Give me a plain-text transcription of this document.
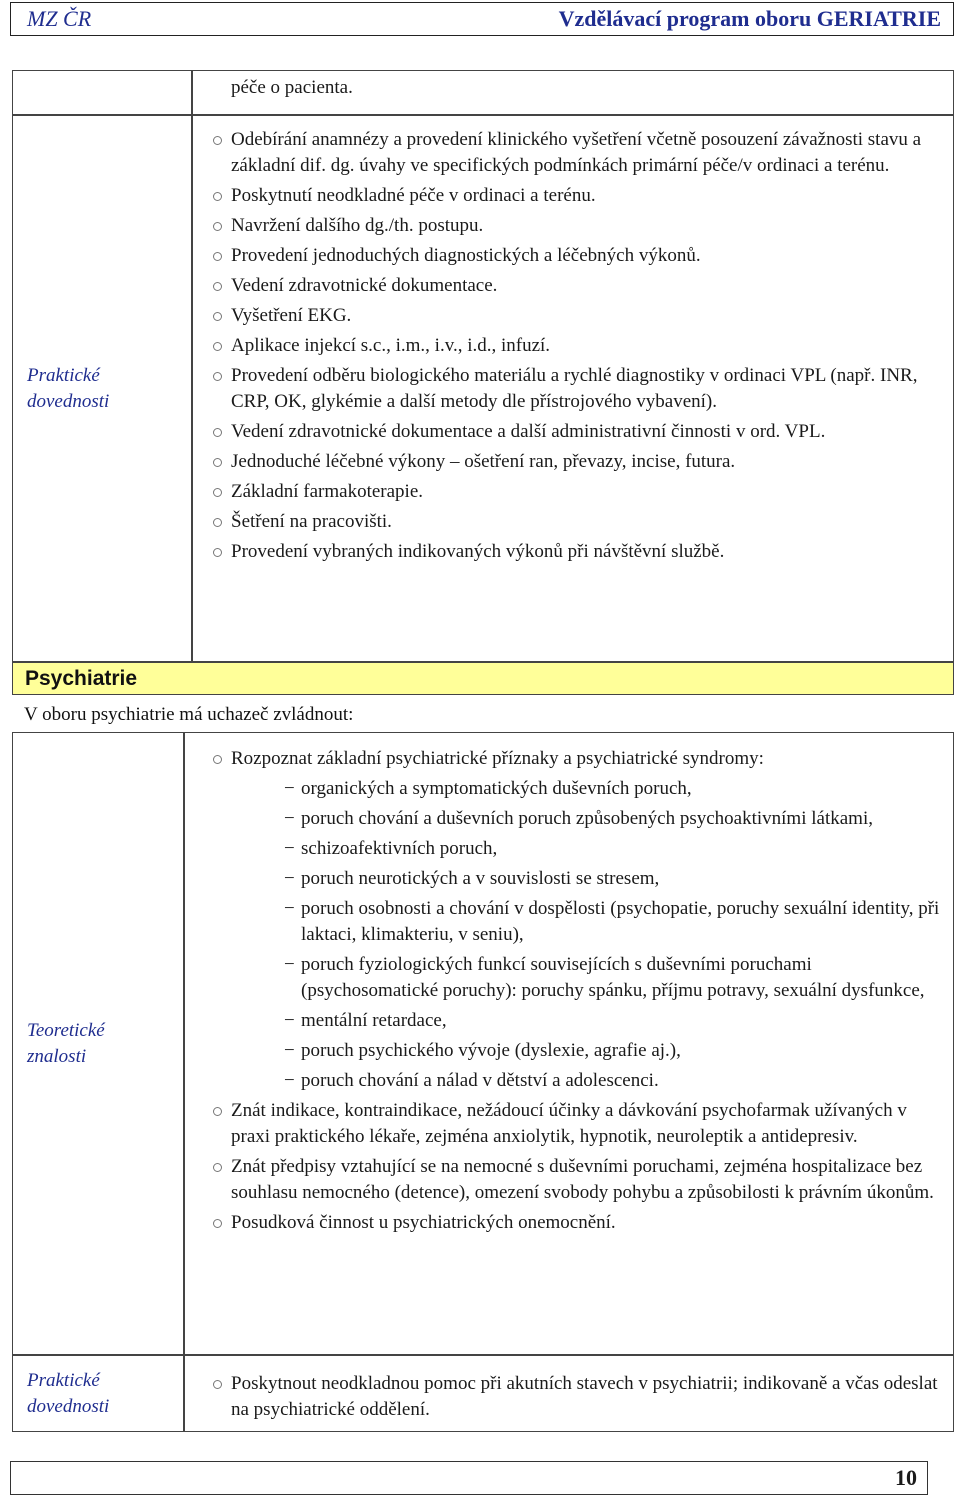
MZ ČR	Vzdělávací program oboru GERIATRIE
péče o pacienta.
Praktické
dovednosti
Odebírání anamnézy a provedení klinického vyšetření včetně posouzení závažnosti stavu a základní dif. dg. úvahy ve specifických podmínkách primární péče/v ordinaci a terénu.
Poskytnutí neodkladné péče v ordinaci a terénu.
Navržení dalšího dg./th. postupu.
Provedení jednoduchých diagnostických a léčebných výkonů.
Vedení zdravotnické dokumentace.
Vyšetření EKG.
Aplikace injekcí s.c., i.m., i.v., i.d., infuzí.
Provedení odběru biologického materiálu a rychlé diagnostiky v ordinaci VPL (např. INR, CRP, OK, glykémie a další metody dle přístrojového vybavení).
Vedení zdravotnické dokumentace a další administrativní činnosti v ord. VPL.
Jednoduché léčebné výkony – ošetření ran, převazy, incise, futura.
Základní farmakoterapie.
Šetření na pracovišti.
Provedení vybraných indikovaných výkonů při návštěvní službě.
Psychiatrie
V oboru psychiatrie má uchazeč zvládnout:
Teoretické
znalosti
Rozpoznat základní psychiatrické příznaky a psychiatrické syndromy:
− organických a symptomatických duševních poruch,
− poruch chování a duševních poruch způsobených psychoaktivními látkami,
− schizoafektivních poruch,
− poruch neurotických a v souvislosti se stresem,
− poruch osobnosti a chování v dospělosti (psychopatie, poruchy sexuální identity, při laktaci, klimakteriu, v seniu),
− poruch fyziologických funkcí souvisejících s duševními poruchami (psychosomatické poruchy): poruchy spánku, příjmu potravy, sexuální dysfunkce,
− mentální retardace,
− poruch psychického vývoje (dyslexie, agrafie aj.),
− poruch chování a nálad v dětství a adolescenci.
Znát indikace, kontraindikace, nežádoucí účinky a dávkování psychofarmak užívaných v praxi praktického lékaře, zejména anxiolytik, hypnotik, neuroleptik a antidepresiv.
Znát předpisy vztahující se na nemocné s duševními poruchami, zejména hospitalizace bez souhlasu nemocného (detence), omezení svobody pohybu a způsobilosti k právním úkonům.
Posudková činnost u psychiatrických onemocnění.
Praktické
dovednosti
Poskytnout neodkladnou pomoc při akutních stavech v psychiatrii; indikovaně a včas odeslat na psychiatrické oddělení.
10
